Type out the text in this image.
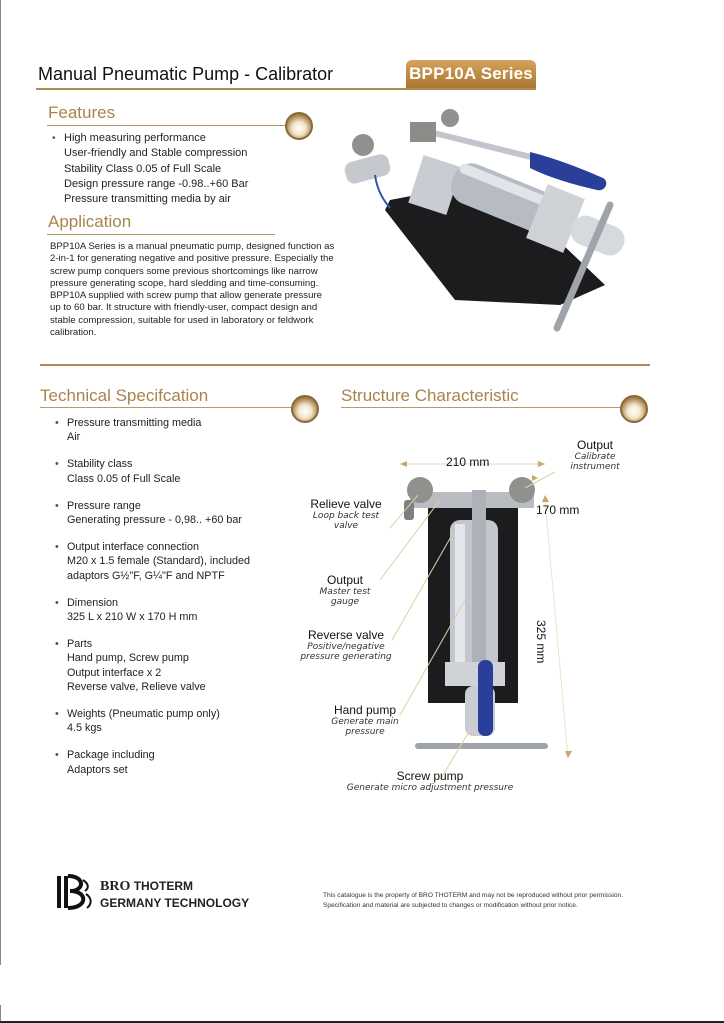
Manual Pneumatic Pump - Calibrator	BPP10A Series
Features
• High measuring performance
User-friendly and Stable compression
Stability Class 0.05 of Full Scale
Design pressure range -0.98..+60 Bar
Pressure transmitting media by air
Application
BPP10A Series is a manual pneumatic pump, designed function as 2-in-1 for generating negative and positive pressure. Especially the screw pump conquers some previous shortcomings like narrow pressure generating scope, hard sledding and time-consuming. BPP10A supplied with screw pump that allow generate pressure up to 60 bar. It structure with friendly-user, compact design and stable compression, suitable for used in laboratory or feldwork calibration.
Technical Specifcation
• Pressure transmitting media
Air
• Stability class
Class 0.05 of Full Scale
• Pressure range
Generating pressure - 0,98.. +60 bar
• Output interface connection
M20 x 1.5 female (Standard), included
adaptors G½"F, G¼"F and NPTF
• Dimension
325 L x 210 W x 170 H mm
• Parts
Hand pump, Screw pump
Output interface x 2
Reverse valve, Relieve valve
• Weights (Pneumatic pump only)
4.5 kgs
• Package including
Adaptors set
Structure Characteristic
210 mm
170 mm
325 mm
Output
Calibrate instrument
Relieve valve
Loop back test valve
Output
Master test gauge
Reverse valve
Positive/negative pressure generating
Hand pump
Generate main pressure
Screw pump
Generate micro adjustment pressure
BRO THOTERM
GERMANY TECHNOLOGY
This catalogue is the property of BRO THOTERM and may not be reproduced without prior permission.
Specification and material are subjected to changes or modification without prior notice.
